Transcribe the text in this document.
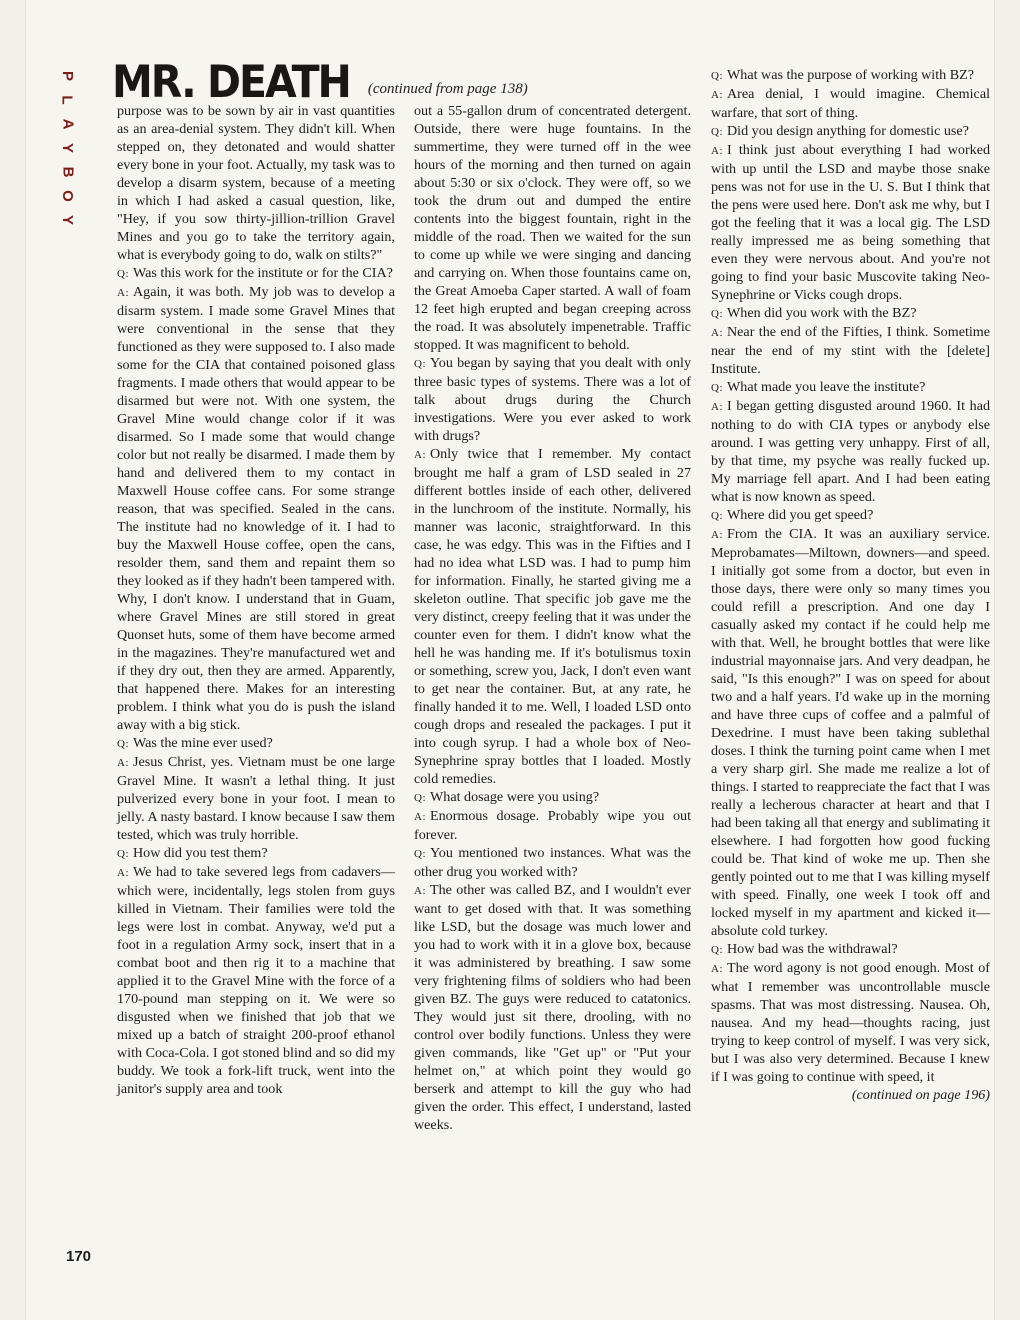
P
L
A
Y
B
O
Y
MR. DEATH (continued from page 138)

purpose was to be sown by air in vast quantities as an area-denial system. They didn't kill. When stepped on, they detonated and would shatter every bone in your foot. Actually, my task was to develop a disarm system, because of a meeting in which I had asked a casual question, like, "Hey, if you sow thirty-jillion-trillion Gravel Mines and you go to take the territory again, what is everybody going to do, walk on stilts?"

Q: Was this work for the institute or for the CIA?

A: Again, it was both. My job was to develop a disarm system. I made some Gravel Mines that were conventional in the sense that they functioned as they were supposed to. I also made some for the CIA that contained poisoned glass fragments. I made others that would appear to be disarmed but were not. With one system, the Gravel Mine would change color if it was disarmed. So I made some that would change color but not really be disarmed. I made them by hand and delivered them to my contact in Maxwell House coffee cans. For some strange reason, that was specified. Sealed in the cans. The institute had no knowledge of it. I had to buy the Maxwell House coffee, open the cans, resolder them, sand them and repaint them so they looked as if they hadn't been tampered with. Why, I don't know. I understand that in Guam, where Gravel Mines are still stored in great Quonset huts, some of them have become armed in the magazines. They're manufactured wet and if they dry out, then they are armed. Apparently, that happened there. Makes for an interesting problem. I think what you do is push the island away with a big stick.

Q: Was the mine ever used?

A: Jesus Christ, yes. Vietnam must be one large Gravel Mine. It wasn't a lethal thing. It just pulverized every bone in your foot. I mean to jelly. A nasty bastard. I know because I saw them tested, which was truly horrible.

Q: How did you test them?

A: We had to take severed legs from cadavers—which were, incidentally, legs stolen from guys killed in Vietnam. Their families were told the legs were lost in combat. Anyway, we'd put a foot in a regulation Army sock, insert that in a combat boot and then rig it to a machine that applied it to the Gravel Mine with the force of a 170-pound man stepping on it. We were so disgusted when we finished that job that we mixed up a batch of straight 200-proof ethanol with Coca-Cola. I got stoned blind and so did my buddy. We took a fork-lift truck, went into the janitor's supply area and took

out a 55-gallon drum of concentrated detergent. Outside, there were huge fountains. In the summertime, they were turned off in the wee hours of the morning and then turned on again about 5:30 or six o'clock. They were off, so we took the drum out and dumped the entire contents into the biggest fountain, right in the middle of the road. Then we waited for the sun to come up while we were singing and dancing and carrying on. When those fountains came on, the Great Amoeba Caper started. A wall of foam 12 feet high erupted and began creeping across the road. It was absolutely impenetrable. Traffic stopped. It was magnificent to behold.

Q: You began by saying that you dealt with only three basic types of systems. There was a lot of talk about drugs during the Church investigations. Were you ever asked to work with drugs?

A: Only twice that I remember. My contact brought me half a gram of LSD sealed in 27 different bottles inside of each other, delivered in the lunchroom of the institute. Normally, his manner was laconic, straightforward. In this case, he was edgy. This was in the Fifties and I had no idea what LSD was. I had to pump him for information. Finally, he started giving me a skeleton outline. That specific job gave me the very distinct, creepy feeling that it was under the counter even for them. I didn't know what the hell he was handing me. If it's botulismus toxin or something, screw you, Jack, I don't even want to get near the container. But, at any rate, he finally handed it to me. Well, I loaded LSD onto cough drops and resealed the packages. I put it into cough syrup. I had a whole box of Neo-Synephrine spray bottles that I loaded. Mostly cold remedies.

Q: What dosage were you using?

A: Enormous dosage. Probably wipe you out forever.

Q: You mentioned two instances. What was the other drug you worked with?

A: The other was called BZ, and I wouldn't ever want to get dosed with that. It was something like LSD, but the dosage was much lower and you had to work with it in a glove box, because it was administered by breathing. I saw some very frightening films of soldiers who had been given BZ. The guys were reduced to catatonics. They would just sit there, drooling, with no control over bodily functions. Unless they were given commands, like "Get up" or "Put your helmet on," at which point they would go berserk and attempt to kill the guy who had given the order. This effect, I understand, lasted weeks.

Q: What was the purpose of working with BZ?

A: Area denial, I would imagine. Chemical warfare, that sort of thing.

Q: Did you design anything for domestic use?

A: I think just about everything I had worked with up until the LSD and maybe those snake pens was not for use in the U. S. But I think that the pens were used here. Don't ask me why, but I got the feeling that it was a local gig. The LSD really impressed me as being something that even they were nervous about. And you're not going to find your basic Muscovite taking Neo-Synephrine or Vicks cough drops.

Q: When did you work with the BZ?

A: Near the end of the Fifties, I think. Sometime near the end of my stint with the [delete] Institute.

Q: What made you leave the institute?

A: I began getting disgusted around 1960. It had nothing to do with CIA types or anybody else around. I was getting very unhappy. First of all, by that time, my psyche was really fucked up. My marriage fell apart. And I had been eating what is now known as speed.

Q: Where did you get speed?

A: From the CIA. It was an auxiliary service. Meprobamates—Miltown, downers—and speed. I initially got some from a doctor, but even in those days, there were only so many times you could refill a prescription. And one day I casually asked my contact if he could help me with that. Well, he brought bottles that were like industrial mayonnaise jars. And very deadpan, he said, "Is this enough?" I was on speed for about two and a half years. I'd wake up in the morning and have three cups of coffee and a palmful of Dexedrine. I must have been taking sublethal doses. I think the turning point came when I met a very sharp girl. She made me realize a lot of things. I started to reappreciate the fact that I was really a lecherous character at heart and that I had been taking all that energy and sublimating it elsewhere. I had forgotten how good fucking could be. That kind of woke me up. Then she gently pointed out to me that I was killing myself with speed. Finally, one week I took off and locked myself in my apartment and kicked it—absolute cold turkey.

Q: How bad was the withdrawal?

A: The word agony is not good enough. Most of what I remember was uncontrollable muscle spasms. That was most distressing. Nausea. Oh, nausea. And my head—thoughts racing, just trying to keep control of myself. I was very sick, but I was also very determined. Because I knew if I was going to continue with speed, it

(continued on page 196)

170
